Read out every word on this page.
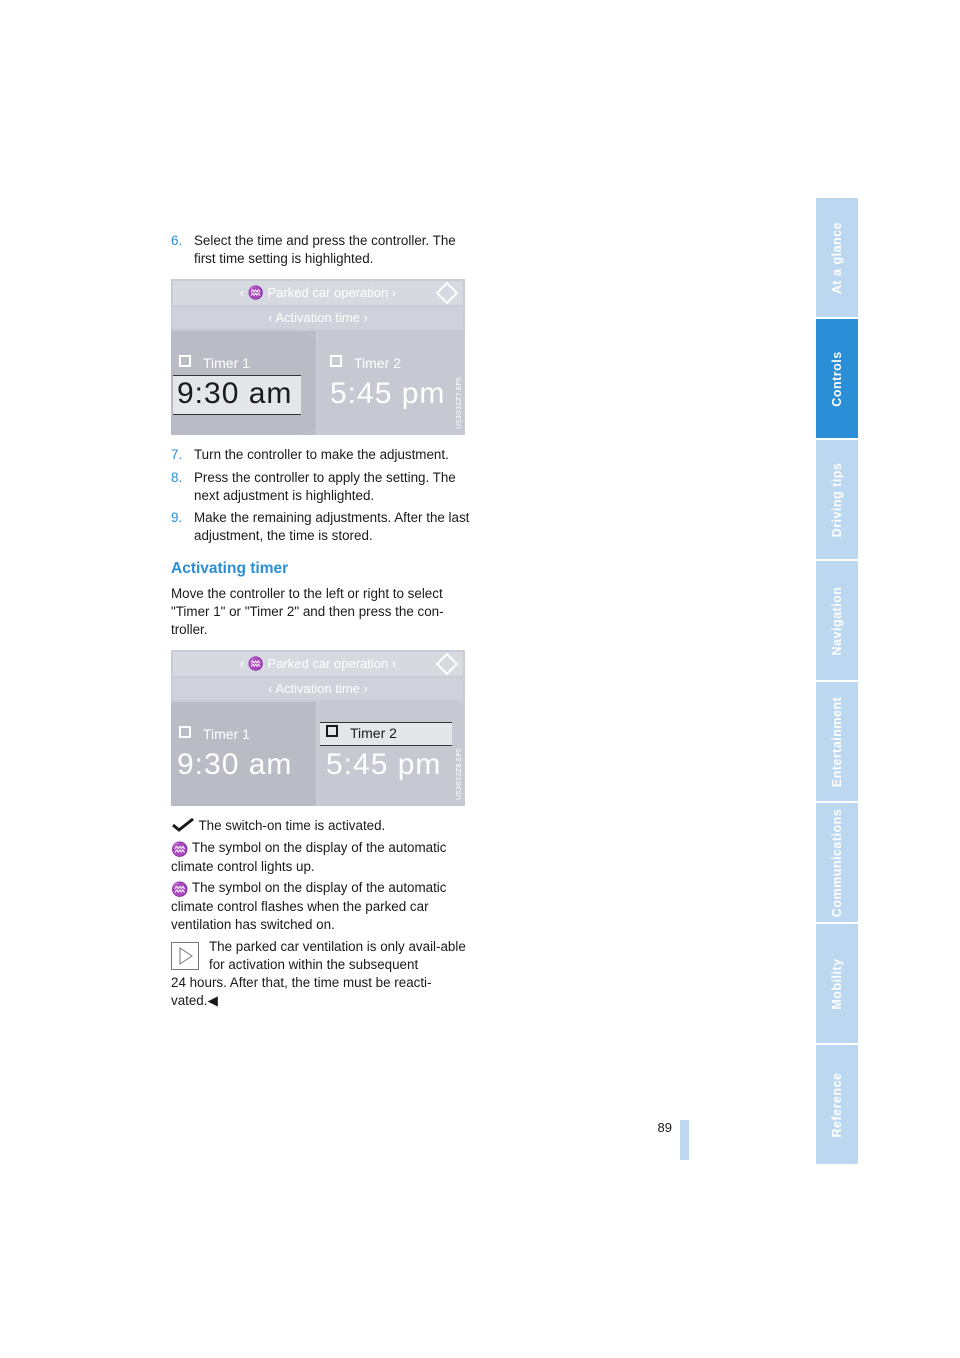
6. Select the time and press the controller. The first time setting is highlighted.
‹ ♒ Parked car operation ›
‹ Activation time ›
Timer 1
9:30 am
Timer 2
5:45 pm US3032Z7.EPS
7. Turn the controller to make the adjustment.
8. Press the controller to apply the setting. The next adjustment is highlighted.
9. Make the remaining adjustments. After the last adjustment, the time is stored.
Activating timer
Move the controller to the left or right to select "Timer 1" or "Timer 2" and then press the con-troller.
‹ ♒ Parked car operation ›
‹ Activation time ›
Timer 1
9:30 am
Timer 2
5:45 pm US3032Z8.EPS
The switch-on time is activated.
♒ The symbol on the display of the automatic climate control lights up.
♒ The symbol on the display of the automatic climate control flashes when the parked car ventilation has switched on.
The parked car ventilation is only avail-able for activation within the subsequent
24 hours. After that, the time must be reacti-vated.◀
89
At a glance
Controls
Driving tips
Navigation
Entertainment
Communications
Mobility
Reference
